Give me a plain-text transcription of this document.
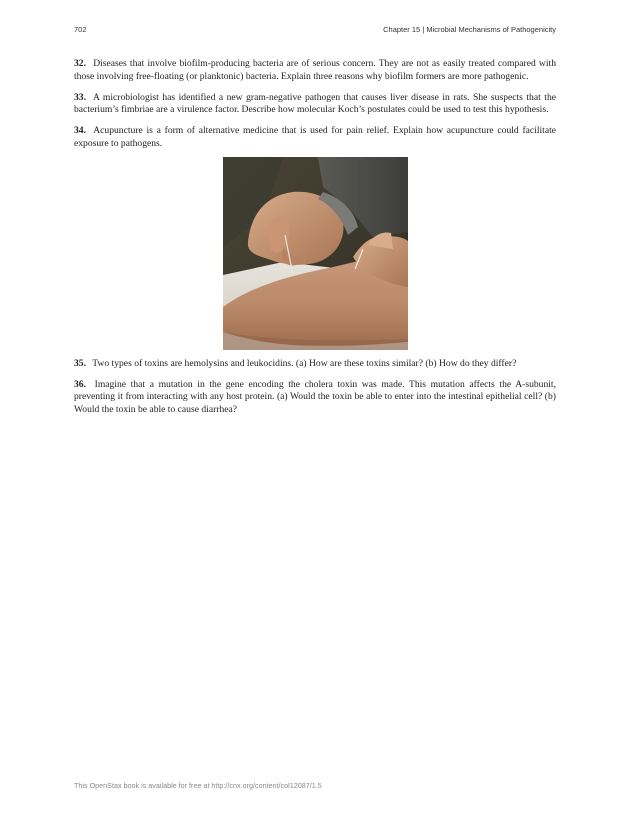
702	Chapter 15 | Microbial Mechanisms of Pathogenicity

32. Diseases that involve biofilm-producing bacteria are of serious concern. They are not as easily treated compared with those involving free-floating (or planktonic) bacteria. Explain three reasons why biofilm formers are more pathogenic.

33. A microbiologist has identified a new gram-negative pathogen that causes liver disease in rats. She suspects that the bacterium’s fimbriae are a virulence factor. Describe how molecular Koch’s postulates could be used to test this hypothesis.

34. Acupuncture is a form of alternative medicine that is used for pain relief. Explain how acupuncture could facilitate exposure to pathogens.

35. Two types of toxins are hemolysins and leukocidins. (a) How are these toxins similar? (b) How do they differ?

36. Imagine that a mutation in the gene encoding the cholera toxin was made. This mutation affects the A-subunit, preventing it from interacting with any host protein. (a) Would the toxin be able to enter into the intestinal epithelial cell? (b) Would the toxin be able to cause diarrhea?

This OpenStax book is available for free at http://cnx.org/content/col12087/1.5
